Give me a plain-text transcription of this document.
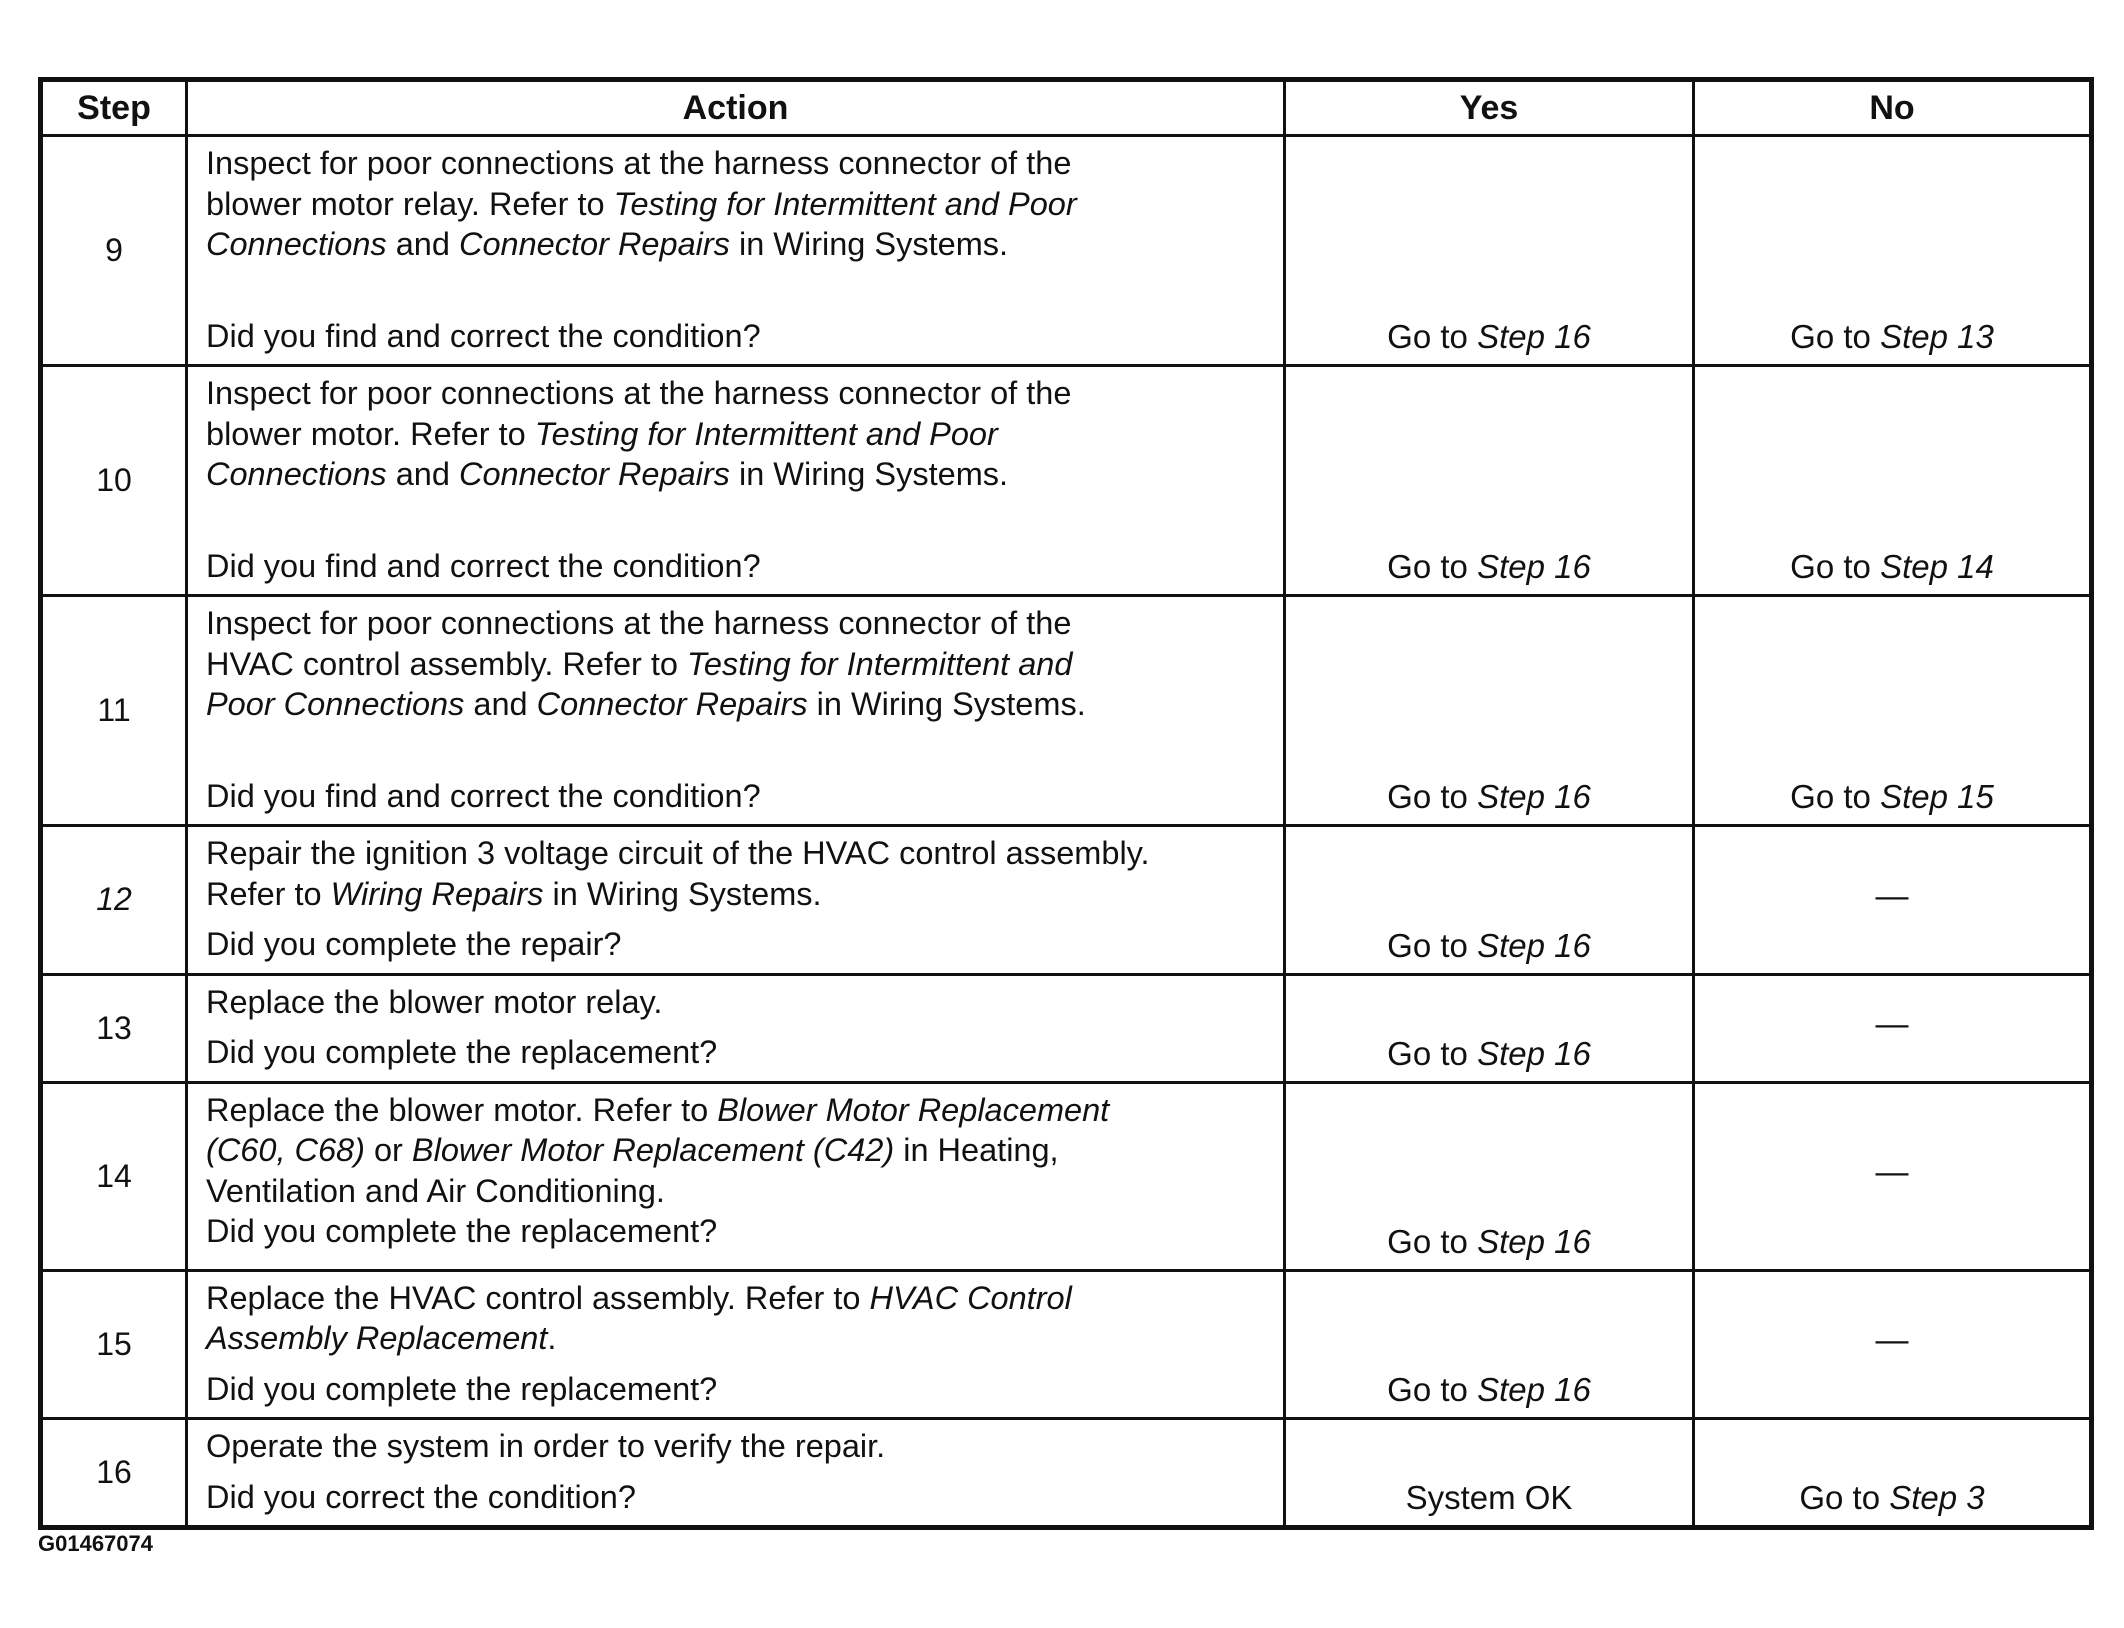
Step	Action	Yes	No
9	Inspect for poor connections at the harness connector of the
blower motor relay. Refer to Testing for Intermittent and Poor
Connections and Connector Repairs in Wiring Systems.
Did you find and correct the condition?	Go to Step 16	Go to Step 13
10	Inspect for poor connections at the harness connector of the
blower motor. Refer to Testing for Intermittent and Poor
Connections and Connector Repairs in Wiring Systems.
Did you find and correct the condition?	Go to Step 16	Go to Step 14
11	Inspect for poor connections at the harness connector of the
HVAC control assembly. Refer to Testing for Intermittent and
Poor Connections and Connector Repairs in Wiring Systems.
Did you find and correct the condition?	Go to Step 16	Go to Step 15
12	Repair the ignition 3 voltage circuit of the HVAC control assembly.
Refer to Wiring Repairs in Wiring Systems.
Did you complete the repair?	Go to Step 16	—
13	Replace the blower motor relay.
Did you complete the replacement?	Go to Step 16	—
14	Replace the blower motor. Refer to Blower Motor Replacement
(C60, C68) or Blower Motor Replacement (C42) in Heating,
Ventilation and Air Conditioning.
Did you complete the replacement?	Go to Step 16	—
15	Replace the HVAC control assembly. Refer to HVAC Control
Assembly Replacement.
Did you complete the replacement?	Go to Step 16	—
16	Operate the system in order to verify the repair.
Did you correct the condition?	System OK	Go to Step 3
G01467074
